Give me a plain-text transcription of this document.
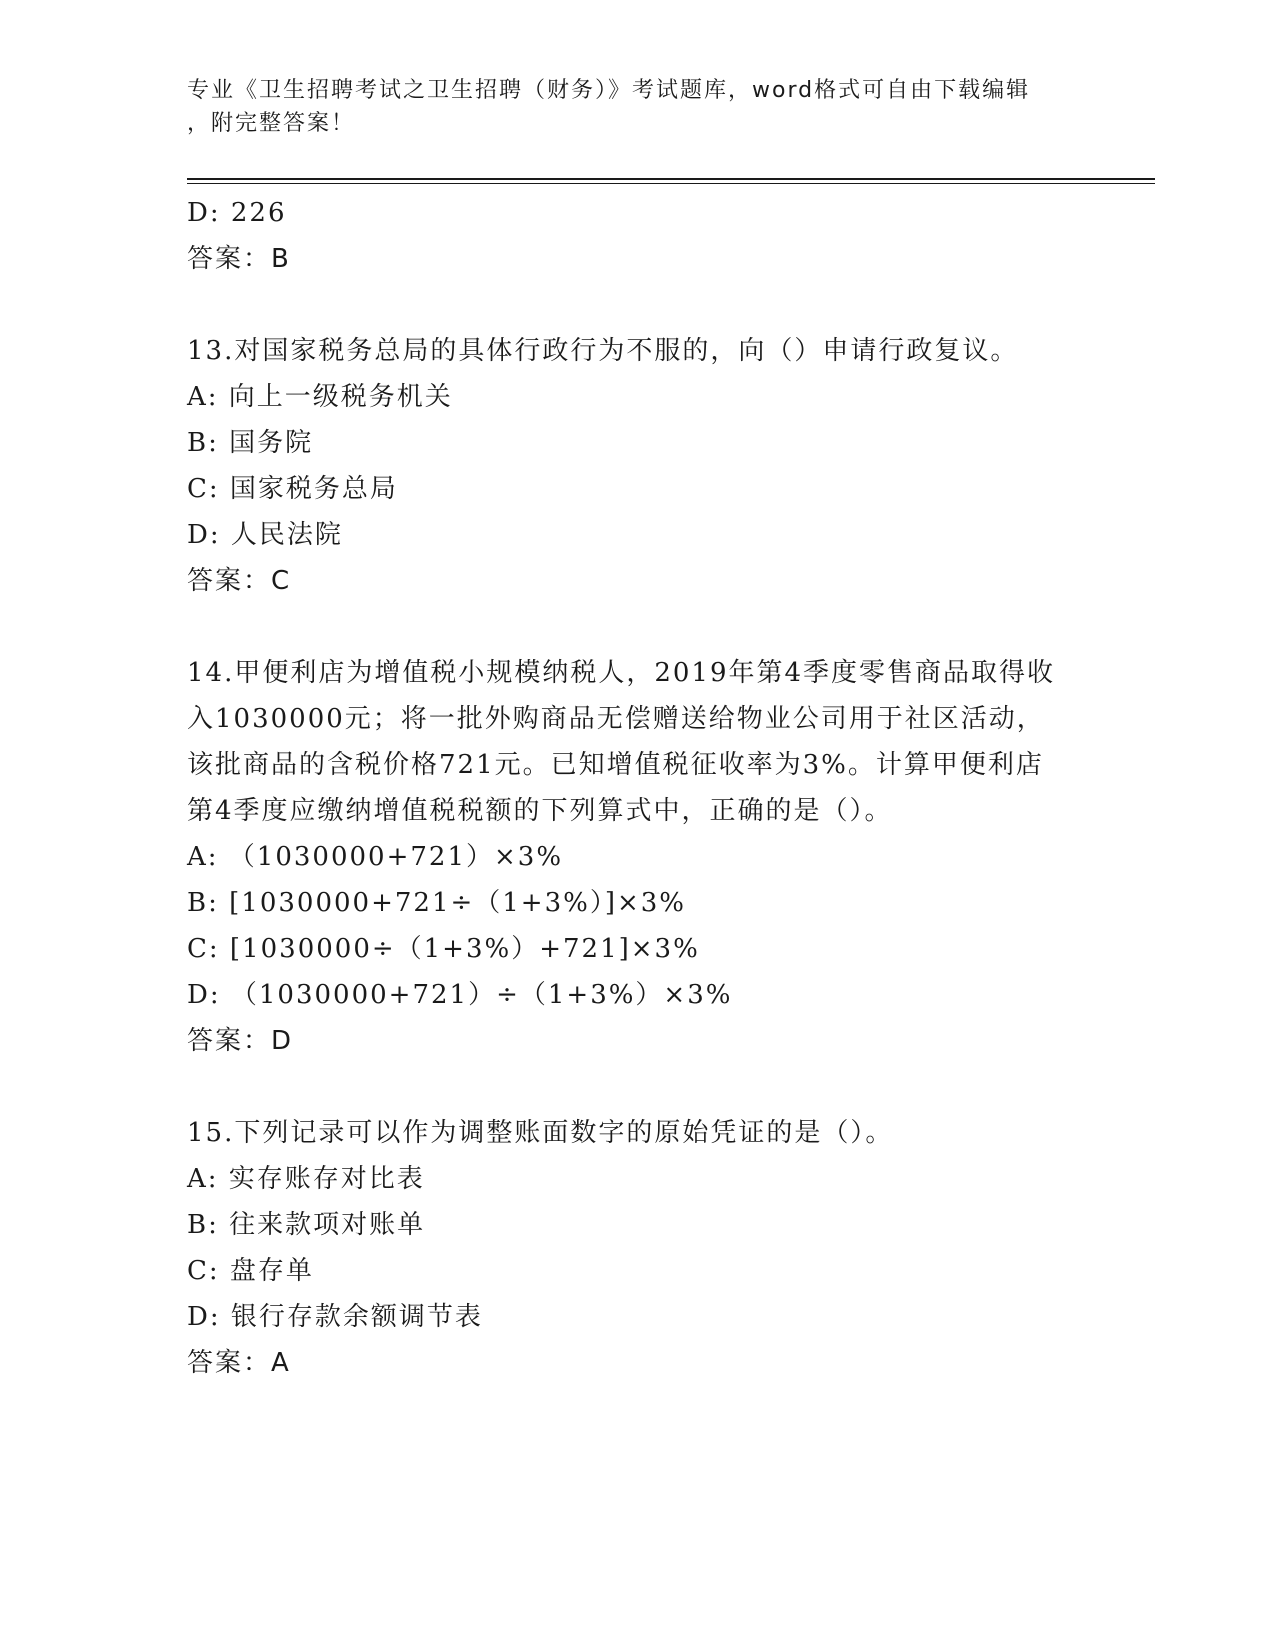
专业《卫生招聘考试之卫生招聘（财务）》考试题库，word格式可自由下载编辑
，附完整答案！
D: 226
答案：B
13.对国家税务总局的具体行政行为不服的，向（）申请行政复议。
A: 向上一级税务机关
B: 国务院
C: 国家税务总局
D: 人民法院
答案：C
14.甲便利店为增值税小规模纳税人，2019年第4季度零售商品取得收
入1030000元；将一批外购商品无偿赠送给物业公司用于社区活动，
该批商品的含税价格721元。已知增值税征收率为3%。计算甲便利店
第4季度应缴纳增值税税额的下列算式中，正确的是（）。
A: （1030000+721）×3%
B: [1030000+721÷（1+3%）]×3%
C: [1030000÷（1+3%）+721]×3%
D: （1030000+721）÷（1+3%）×3%
答案：D
15.下列记录可以作为调整账面数字的原始凭证的是（）。
A: 实存账存对比表
B: 往来款项对账单
C: 盘存单
D: 银行存款余额调节表
答案：A
